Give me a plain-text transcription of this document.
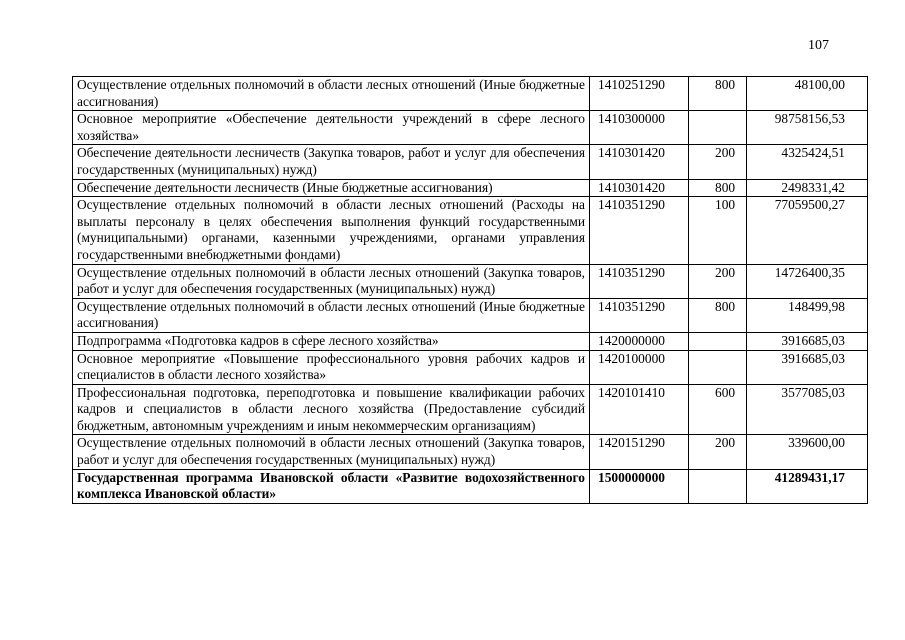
107
Осуществление отдельных полномочий в области лесных отношений (Иные бюджетные ассигнования)	1410251290	800	48100,00
Основное мероприятие «Обеспечение деятельности учреждений в сфере лесного хозяйства»	1410300000		98758156,53
Обеспечение деятельности лесничеств (Закупка товаров, работ и услуг для обеспечения государственных (муниципальных) нужд)	1410301420	200	4325424,51
Обеспечение деятельности лесничеств (Иные бюджетные ассигнования)	1410301420	800	2498331,42
Осуществление отдельных полномочий в области лесных отношений (Расходы на выплаты персоналу в целях обеспечения выполнения функций государственными (муниципальными) органами, казенными учреждениями, органами управления государственными внебюджетными фондами)	1410351290	100	77059500,27
Осуществление отдельных полномочий в области лесных отношений (Закупка товаров, работ и услуг для обеспечения государственных (муниципальных) нужд)	1410351290	200	14726400,35
Осуществление отдельных полномочий в области лесных отношений (Иные бюджетные ассигнования)	1410351290	800	148499,98
Подпрограмма «Подготовка кадров в сфере лесного хозяйства»	1420000000		3916685,03
Основное мероприятие «Повышение профессионального уровня рабочих кадров и специалистов в области лесного хозяйства»	1420100000		3916685,03
Профессиональная подготовка, переподготовка и повышение квалификации рабочих кадров и специалистов в области лесного хозяйства (Предоставление субсидий бюджетным, автономным учреждениям и иным некоммерческим организациям)	1420101410	600	3577085,03
Осуществление отдельных полномочий в области лесных отношений (Закупка товаров, работ и услуг для обеспечения государственных (муниципальных) нужд)	1420151290	200	339600,00
Государственная программа Ивановской области «Развитие водохозяйственного комплекса Ивановской области»	1500000000		41289431,17
